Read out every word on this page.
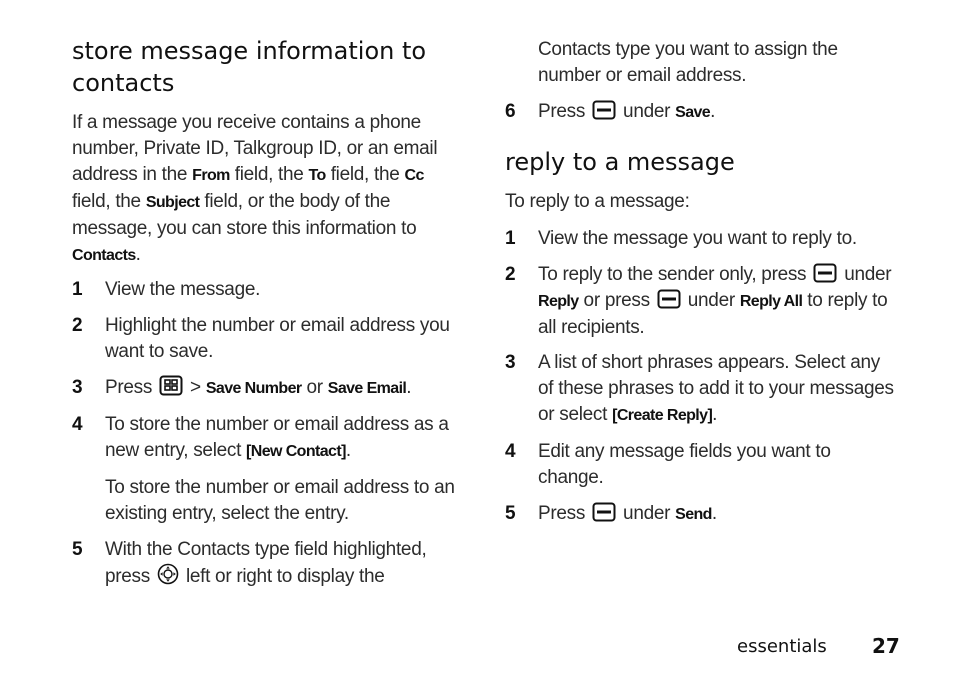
store message information to contacts
If a message you receive contains a phone number, Private ID, Talkgroup ID, or an email address in the From field, the To field, the Cc field, the Subject field, or the body of the message, you can store this information to Contacts.
1 View the message.
2 Highlight the number or email address you want to save.
3 Press > Save Number or Save Email.
4 To store the number or email address as a new entry, select [New Contact].
To store the number or email address to an existing entry, select the entry.
5 With the Contacts type field highlighted, press left or right to display the
Contacts type you want to assign the number or email address.
6 Press under Save.
reply to a message
To reply to a message:
1 View the message you want to reply to.
2 To reply to the sender only, press under Reply or press under Reply All to reply to all recipients.
3 A list of short phrases appears. Select any of these phrases to add it to your messages or select [Create Reply].
4 Edit any message fields you want to change.
5 Press under Send.
essentials 27
